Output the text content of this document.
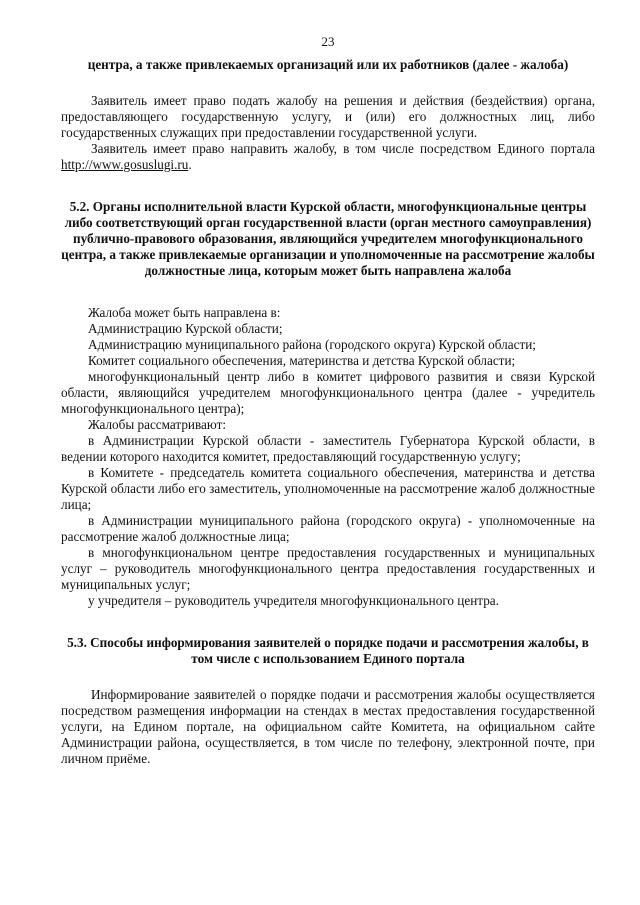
23

центра, а также привлекаемых организаций или их работников (далее - жалоба)

Заявитель имеет право подать жалобу на решения и действия (бездействия) органа, предоставляющего государственную услугу, и (или) его должностных лиц, либо государственных служащих при предоставлении государственной услуги.

Заявитель имеет право направить жалобу, в том числе посредством Единого портала http://www.gosuslugi.ru.

5.2. Органы исполнительной власти Курской области, многофункциональные центры либо соответствующий орган государственной власти (орган местного самоуправления) публично-правового образования, являющийся учредителем многофункционального центра, а также привлекаемые организации и уполномоченные на рассмотрение жалобы должностные лица, которым может быть направлена жалоба

Жалоба может быть направлена в:

Администрацию Курской области;

Администрацию муниципального района (городского округа) Курской области;

Комитет социального обеспечения, материнства и детства Курской области;

многофункциональный центр либо в комитет цифрового развития и связи Курской области, являющийся учредителем многофункционального центра (далее - учредитель многофункционального центра);

Жалобы рассматривают:

в Администрации Курской области - заместитель Губернатора Курской области, в ведении которого находится комитет, предоставляющий государственную услугу;

в Комитете - председатель комитета социального обеспечения, материнства и детства Курской области либо его заместитель, уполномоченные на рассмотрение жалоб должностные лица;

в Администрации муниципального района (городского округа) - уполномоченные на рассмотрение жалоб должностные лица;

в многофункциональном центре предоставления государственных и муниципальных услуг – руководитель многофункционального центра предоставления государственных и муниципальных услуг;

у учредителя – руководитель учредителя многофункционального центра.

5.3. Способы информирования заявителей о порядке подачи и рассмотрения жалобы, в том числе с использованием Единого портала

Информирование заявителей о порядке подачи и рассмотрения жалобы осуществляется посредством размещения информации на стендах в местах предоставления государственной услуги, на Едином портале, на официальном сайте Комитета, на официальном сайте Администрации района, осуществляется, в том числе по телефону, электронной почте, при личном приёме.
